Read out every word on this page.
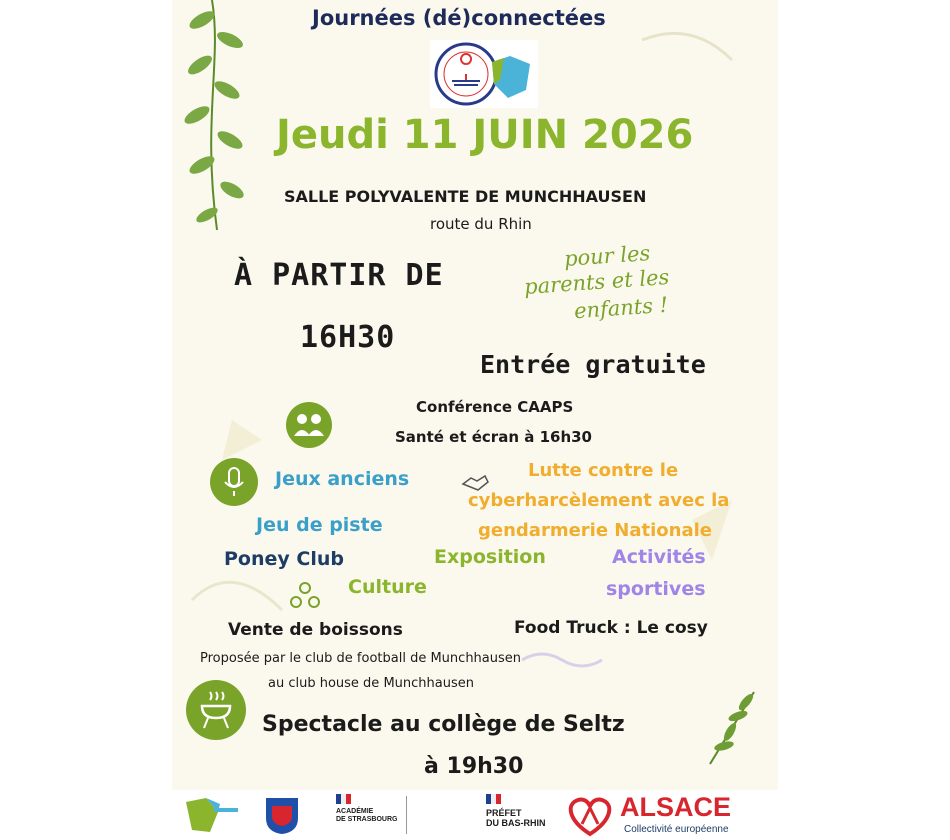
Journées (dé)connectées
Jeudi 11 JUIN 2026
SALLE POLYVALENTE DE MUNCHHAUSEN
route du Rhin
À PARTIR DE
16H30
pour les
parents et les
enfants !
Entrée gratuite
Conférence CAAPS
Santé et écran à 16h30
Jeux anciens	Lutte contre le
cyberharcèlement avec la
gendarmerie Nationale
Jeu de piste
Poney Club	Exposition	Activités
sportives
Culture
Vente de boissons	Food Truck : Le cosy
Proposée par le club de football de Munchhausen
au club house de Munchhausen
Spectacle au collège de Seltz
à 19h30
ACADÉMIE
DE STRASBOURG
PRÉFET
DU BAS-RHIN
ALSACE
Collectivité européenne
